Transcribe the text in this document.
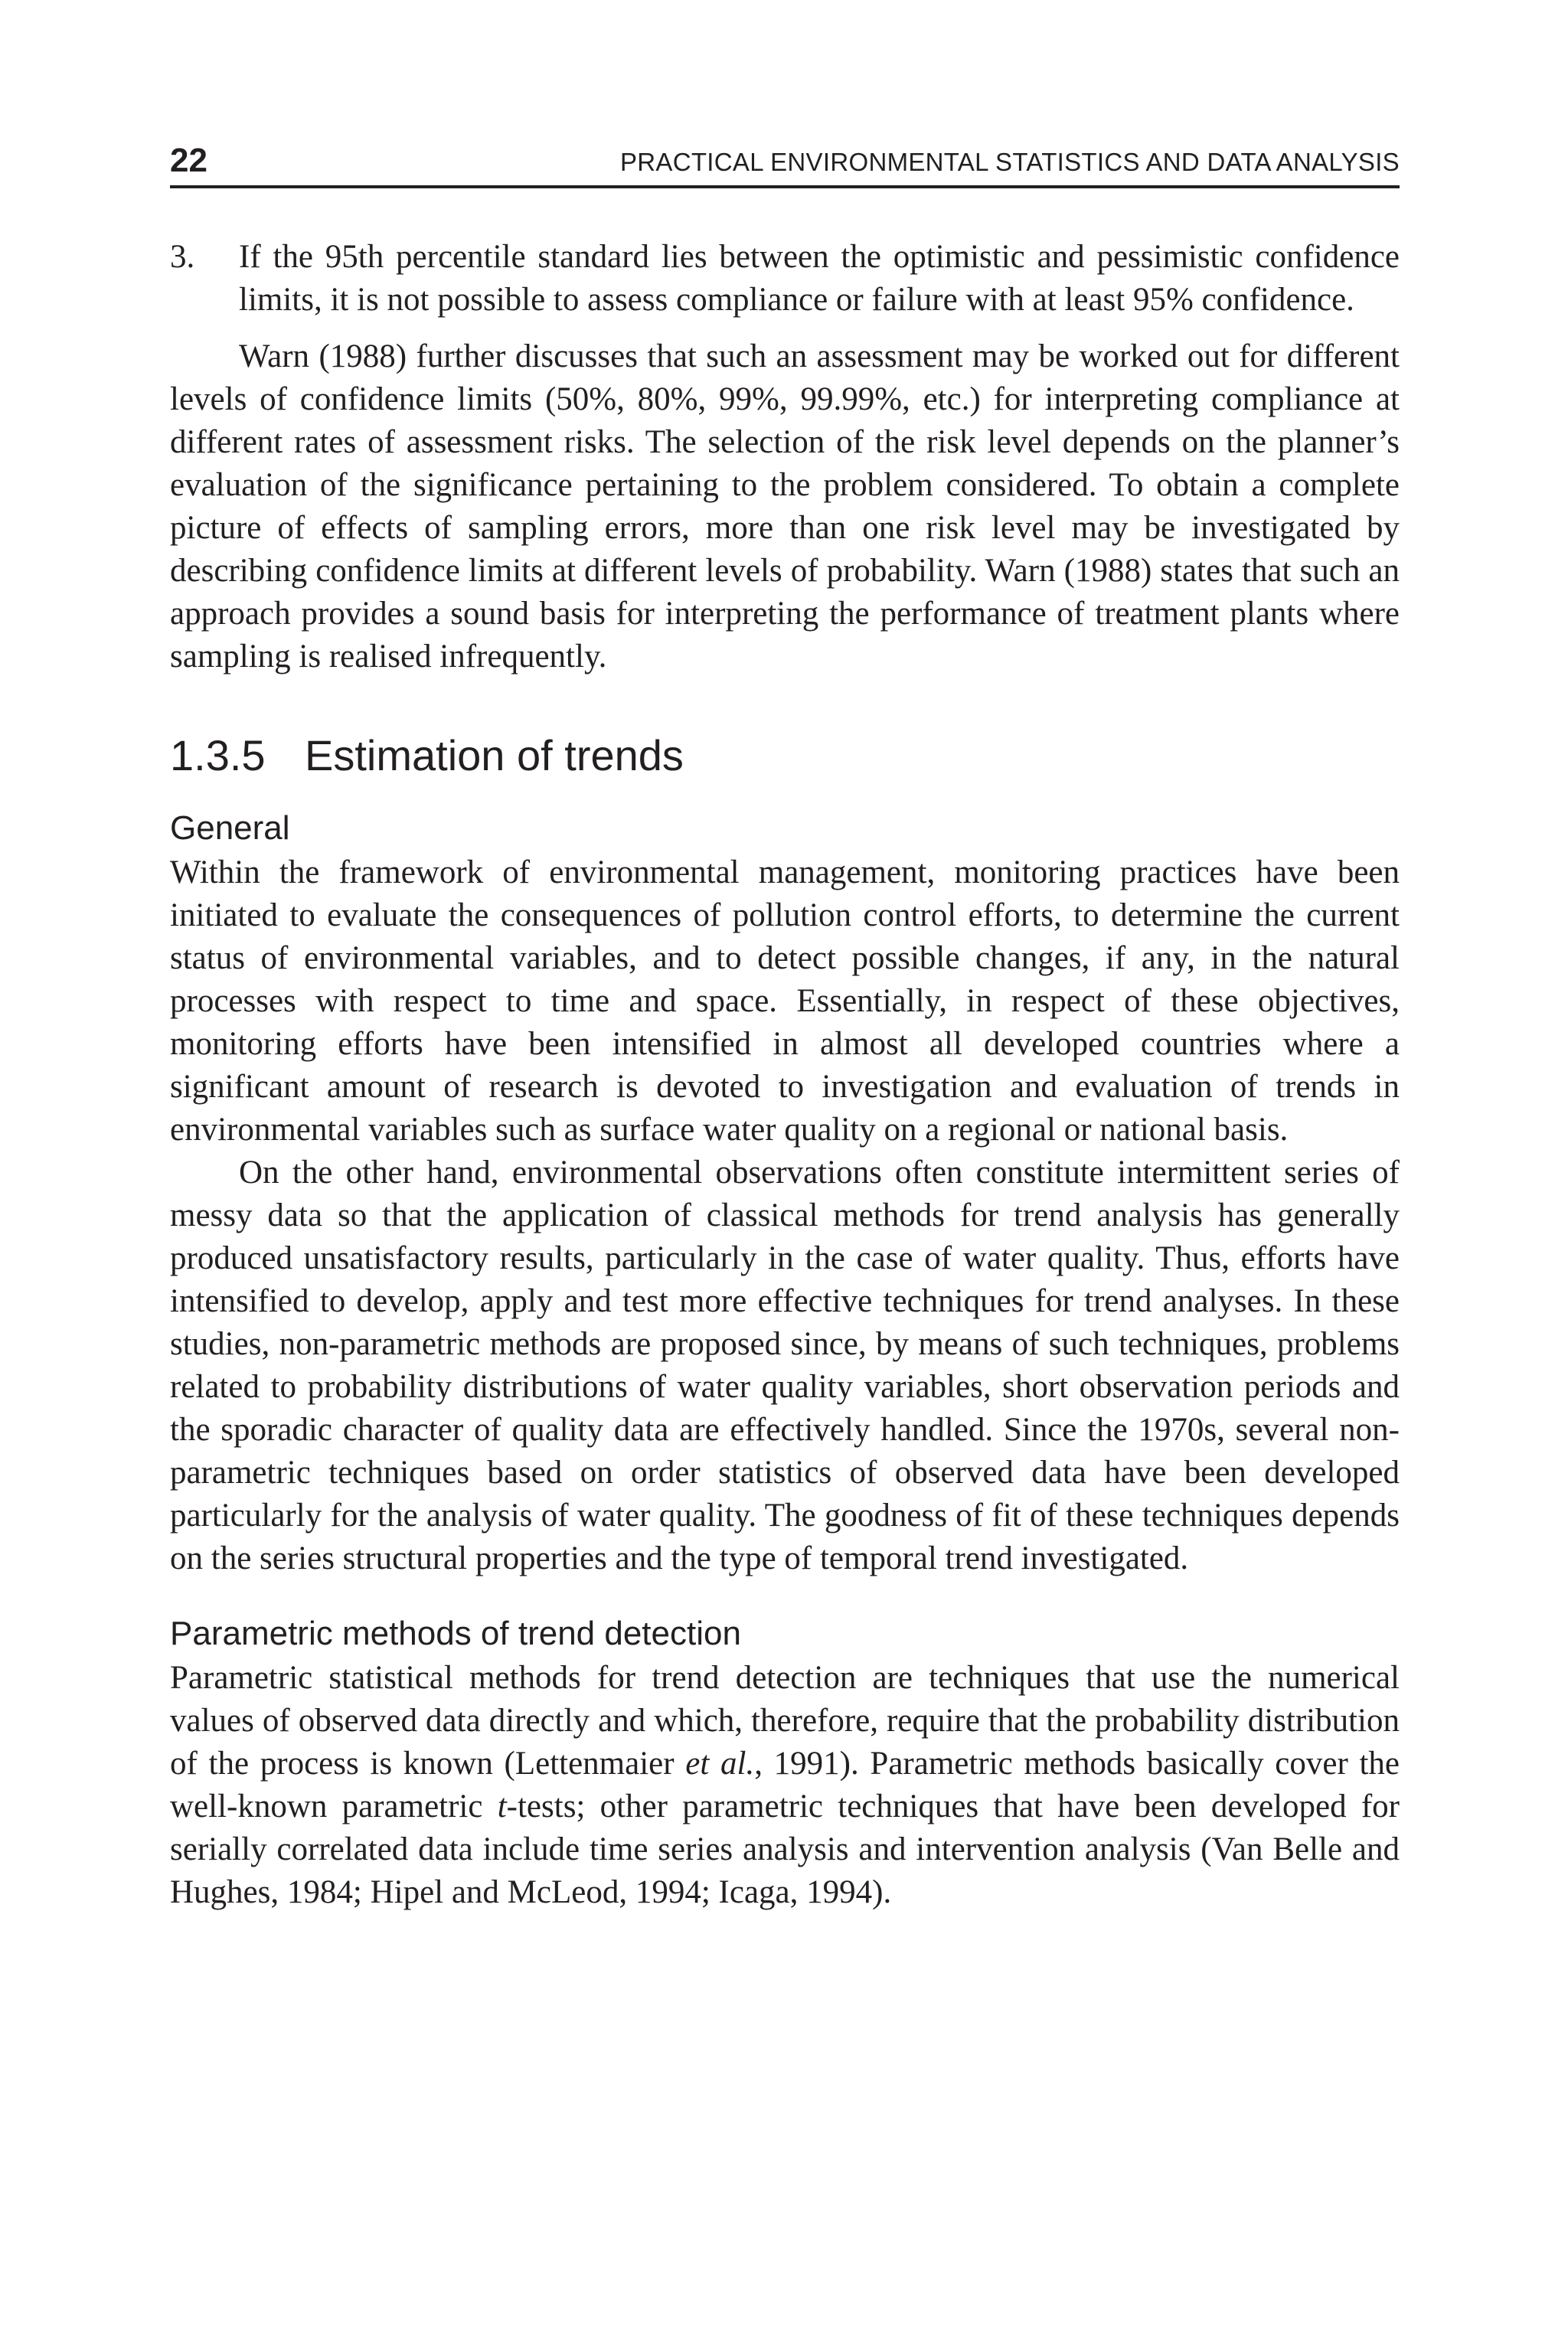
22	PRACTICAL ENVIRONMENTAL STATISTICS AND DATA ANALYSIS
3. If the 95th percentile standard lies between the optimistic and pessimistic confidence limits, it is not possible to assess compliance or failure with at least 95% confidence.

Warn (1988) further discusses that such an assessment may be worked out for different levels of confidence limits (50%, 80%, 99%, 99.99%, etc.) for interpreting compliance at different rates of assessment risks. The selection of the risk level depends on the planner’s evaluation of the significance pertaining to the problem considered. To obtain a complete picture of effects of sampling errors, more than one risk level may be investigated by describing confidence limits at different levels of probability. Warn (1988) states that such an approach provides a sound basis for interpreting the performance of treatment plants where sampling is realised infrequently.

1.3.5 Estimation of trends
General

Within the framework of environmental management, monitoring practices have been initiated to evaluate the consequences of pollution control efforts, to determine the current status of environmental variables, and to detect possible changes, if any, in the natural processes with respect to time and space. Essentially, in respect of these objectives, monitoring efforts have been intensified in almost all developed countries where a significant amount of research is devoted to investigation and evaluation of trends in environmental variables such as surface water quality on a regional or national basis.

On the other hand, environmental observations often constitute intermittent series of messy data so that the application of classical methods for trend analysis has generally produced unsatisfactory results, particularly in the case of water quality. Thus, efforts have intensified to develop, apply and test more effective techniques for trend analyses. In these studies, non-parametric methods are proposed since, by means of such techniques, problems related to probability distributions of water quality variables, short observation periods and the sporadic character of quality data are effectively handled. Since the 1970s, several non-parametric techniques based on order statistics of observed data have been developed particularly for the analysis of water quality. The goodness of fit of these techniques depends on the series structural properties and the type of temporal trend investigated.

Parametric methods of trend detection

Parametric statistical methods for trend detection are techniques that use the numerical values of observed data directly and which, therefore, require that the probability distribution of the process is known (Lettenmaier et al., 1991). Parametric methods basically cover the well-known parametric t-tests; other parametric techniques that have been developed for serially correlated data include time series analysis and intervention analysis (Van Belle and Hughes, 1984; Hipel and McLeod, 1994; Icaga, 1994).
